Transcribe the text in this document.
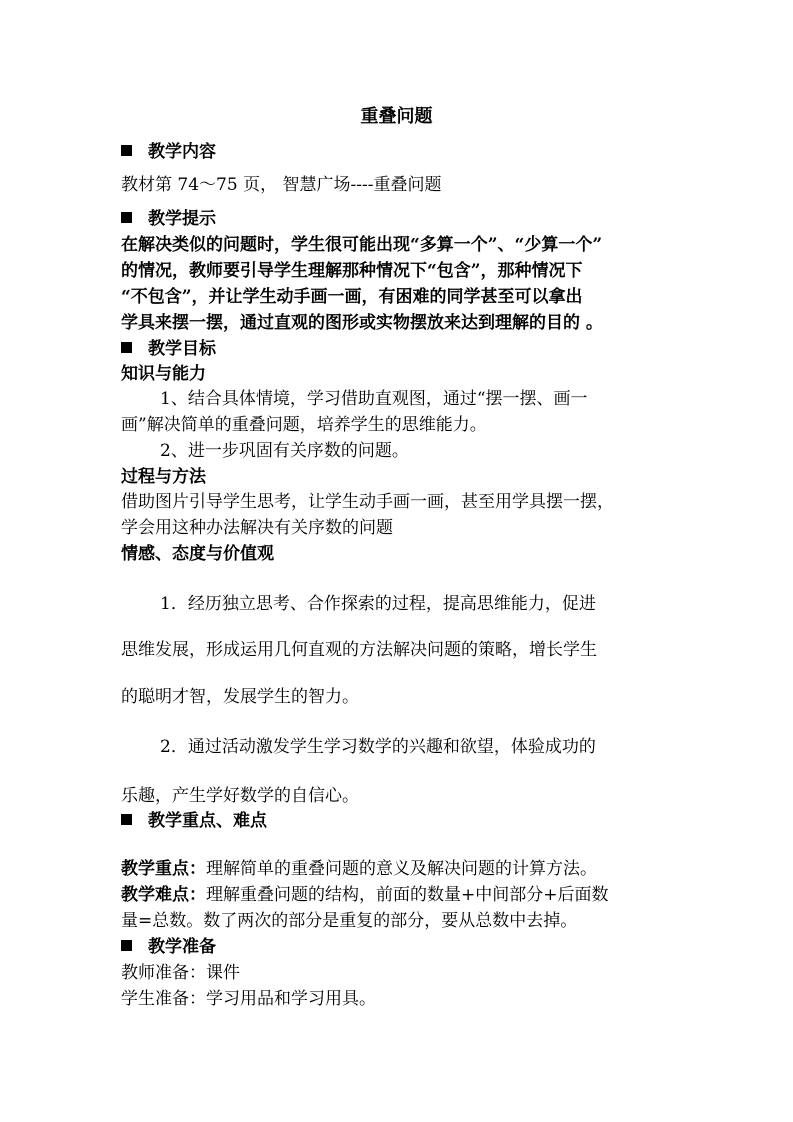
重叠问题
教学内容
教材第 74～75 页， 智慧广场----重叠问题
教学提示
在解决类似的问题时，学生很可能出现“多算一个”、“少算一个”
的情况，教师要引导学生理解那种情况下“包含”，那种情况下
“不包含”，并让学生动手画一画，有困难的同学甚至可以拿出
学具来摆一摆，通过直观的图形或实物摆放来达到理解的目的 。
教学目标
知识与能力
1、结合具体情境，学习借助直观图，通过“摆一摆、画一
画”解决简单的重叠问题，培养学生的思维能力。
2、进一步巩固有关序数的问题。
过程与方法
借助图片引导学生思考，让学生动手画一画，甚至用学具摆一摆，
学会用这种办法解决有关序数的问题
情感、态度与价值观
1．经历独立思考、合作探索的过程，提高思维能力，促进
思维发展，形成运用几何直观的方法解决问题的策略，增长学生
的聪明才智，发展学生的智力。
2．通过活动激发学生学习数学的兴趣和欲望，体验成功的
乐趣，产生学好数学的自信心。
教学重点、难点
教学重点：理解简单的重叠问题的意义及解决问题的计算方法。
教学难点：理解重叠问题的结构，前面的数量+中间部分+后面数
量=总数。数了两次的部分是重复的部分，要从总数中去掉。
教学准备
教师准备：课件
学生准备：学习用品和学习用具。
